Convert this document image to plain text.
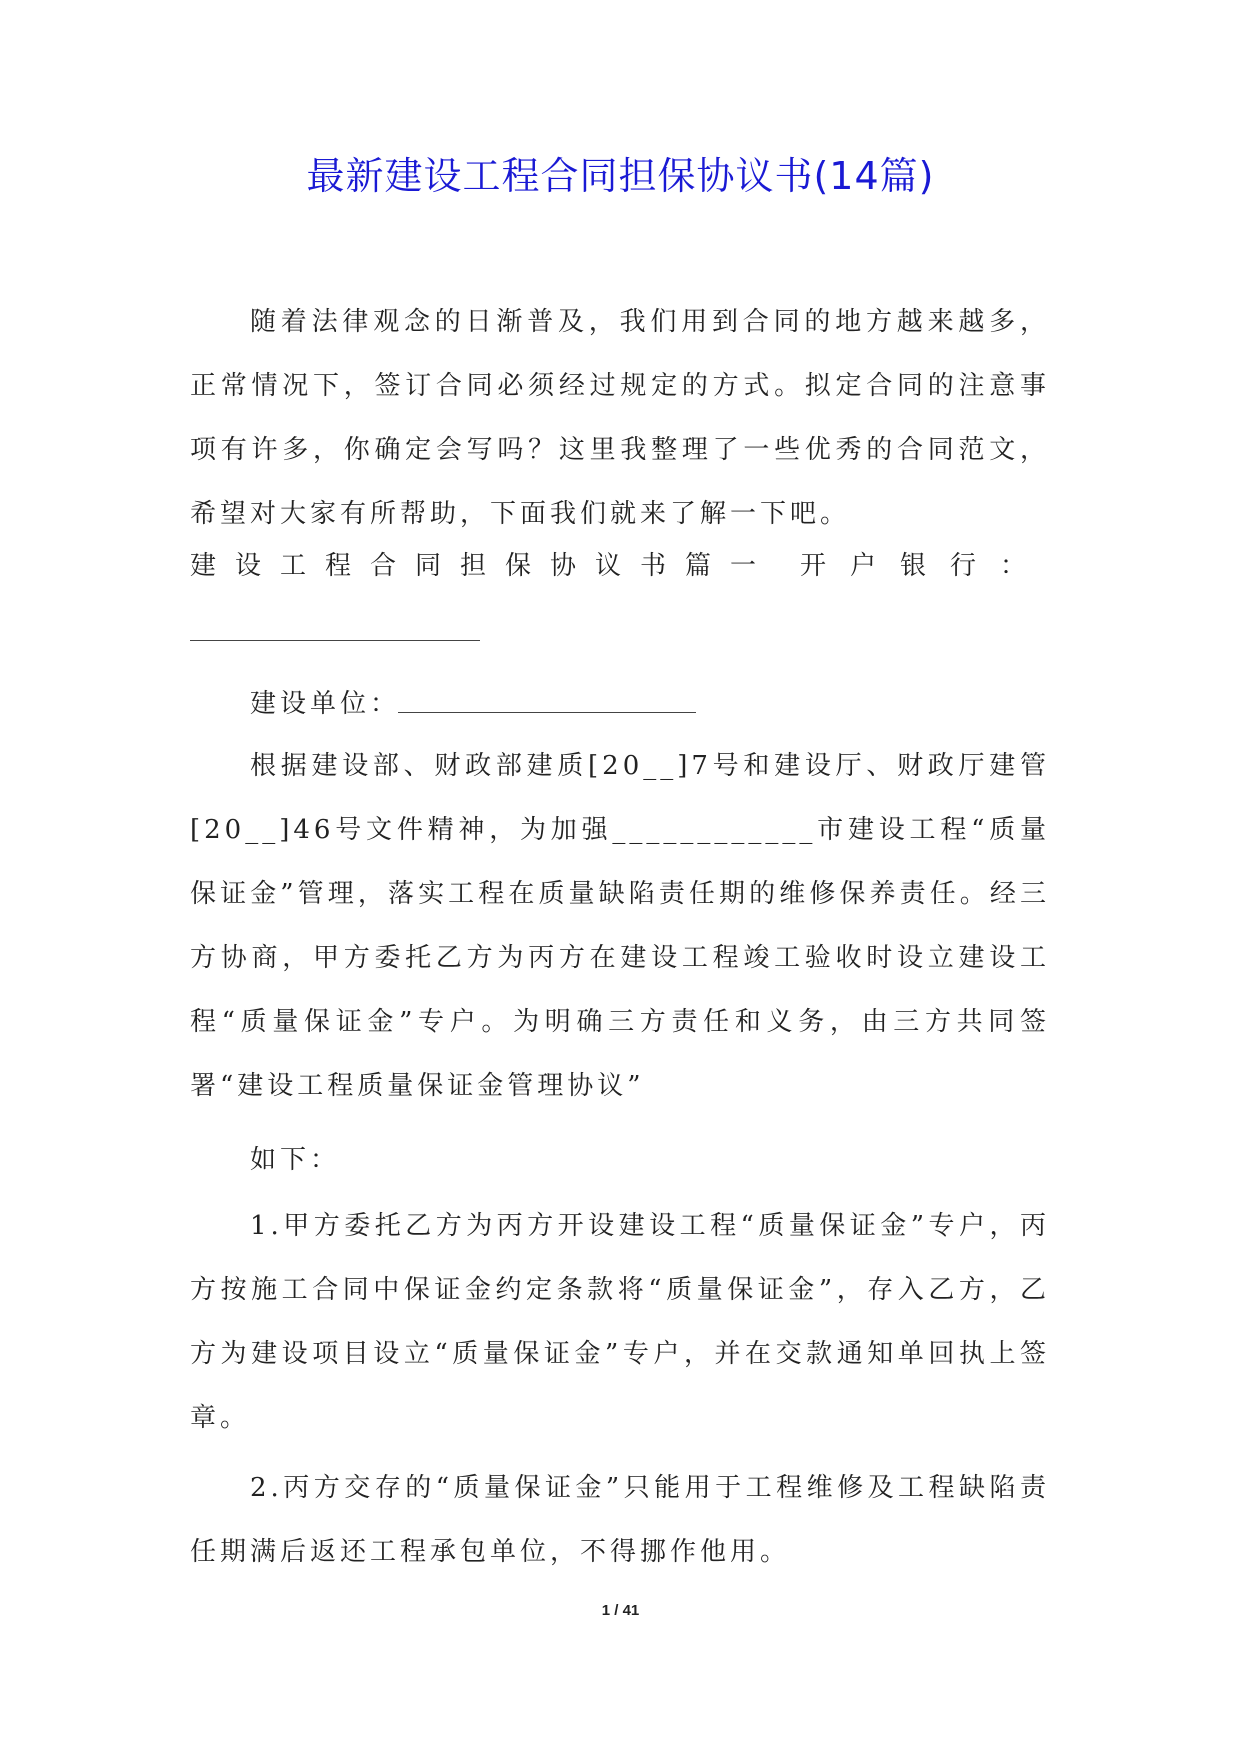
最新建设工程合同担保协议书(14篇)

随着法律观念的日渐普及，我们用到合同的地方越来越多，正常情况下，签订合同必须经过规定的方式。拟定合同的注意事项有许多，你确定会写吗？这里我整理了一些优秀的合同范文，希望对大家有所帮助，下面我们就来了解一下吧。

建设工程合同担保协议书篇一 开户银行：
建设单位：

根据建设部、财政部建质[20__]7号和建设厅、财政厅建管[20__]46号文件精神，为加强____________市建设工程“质量保证金”管理，落实工程在质量缺陷责任期的维修保养责任。经三方协商，甲方委托乙方为丙方在建设工程竣工验收时设立建设工程“质量保证金”专户。为明确三方责任和义务，由三方共同签署“建设工程质量保证金管理协议”

如下：

1.甲方委托乙方为丙方开设建设工程“质量保证金”专户，丙方按施工合同中保证金约定条款将“质量保证金”，存入乙方，乙方为建设项目设立“质量保证金”专户，并在交款通知单回执上签章。

2.丙方交存的“质量保证金”只能用于工程维修及工程缺陷责任期满后返还工程承包单位，不得挪作他用。

1 / 41
